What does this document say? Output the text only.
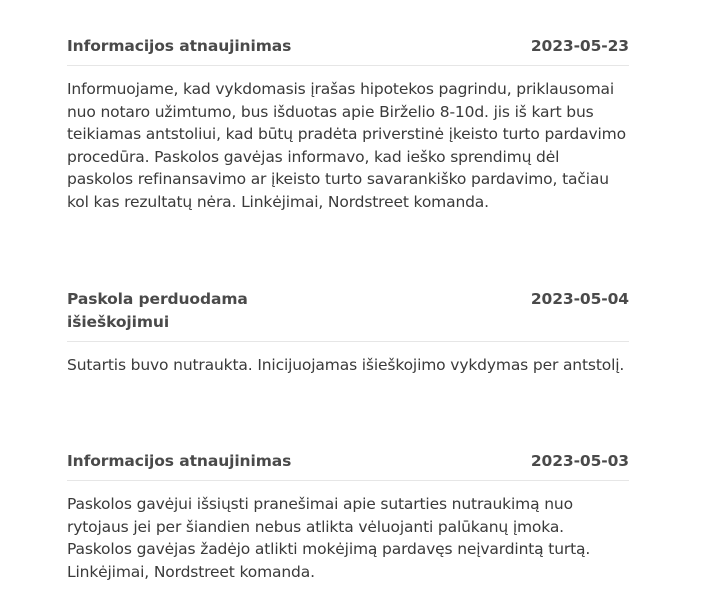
Informacijos atnaujinimas	2023-05-23

Informuojame, kad vykdomasis įrašas hipotekos pagrindu, priklausomai nuo notaro užimtumo, bus išduotas apie Birželio 8-10d. jis iš kart bus teikiamas antstoliui, kad būtų pradėta priverstinė įkeisto turto pardavimo procedūra. Paskolos gavėjas informavo, kad ieško sprendimų dėl paskolos refinansavimo ar įkeisto turto savarankiško pardavimo, tačiau kol kas rezultatų nėra. Linkėjimai, Nordstreet komanda.

Paskola perduodama išieškojimui
2023-05-04

Sutartis buvo nutraukta. Inicijuojamas išieškojimo vykdymas per antstolį.

Informacijos atnaujinimas	2023-05-03

Paskolos gavėjui išsiųsti pranešimai apie sutarties nutraukimą nuo rytojaus jei per šiandien nebus atlikta vėluojanti palūkanų įmoka. Paskolos gavėjas žadėjo atlikti mokėjimą pardavęs neįvardintą turtą. Linkėjimai, Nordstreet komanda.
